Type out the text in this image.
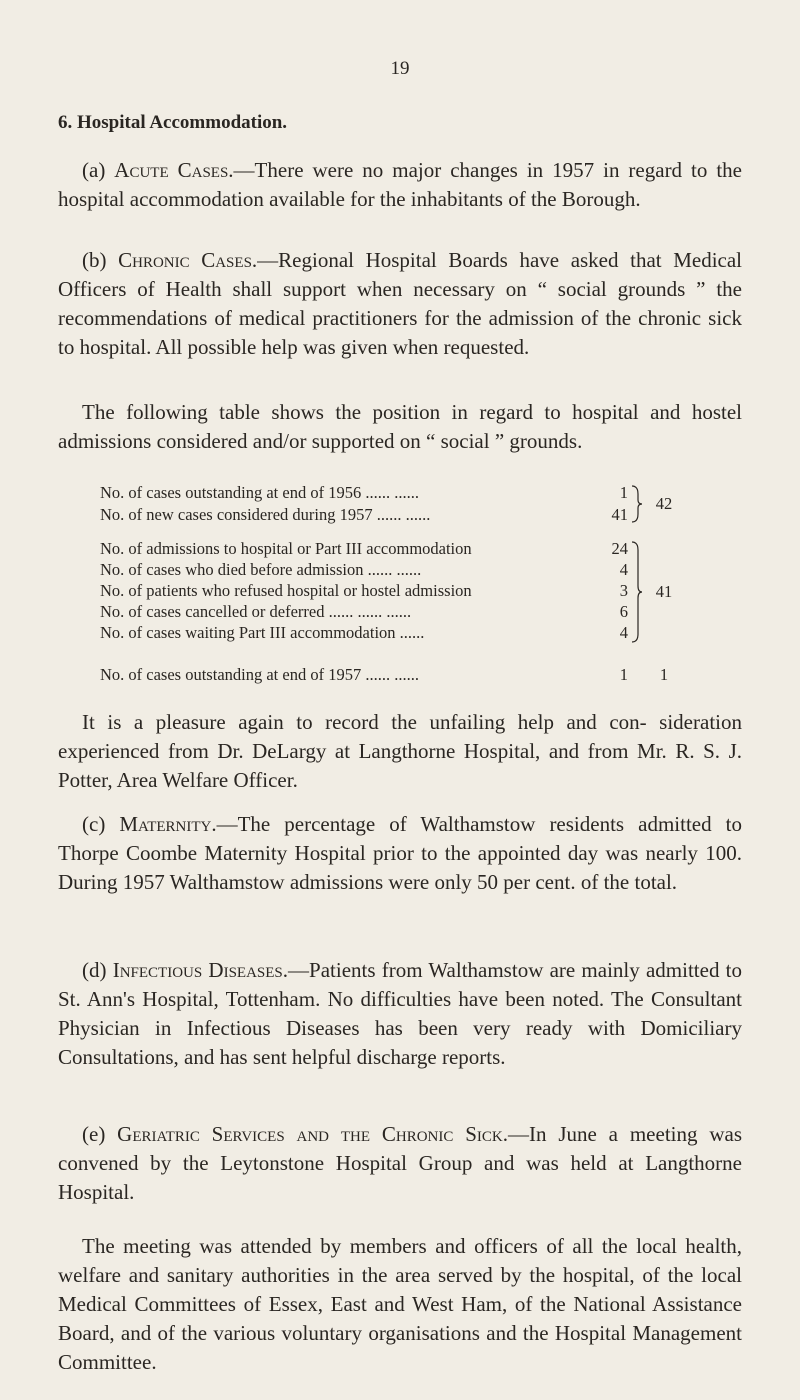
19
6. Hospital Accommodation.

(a) Acute Cases.—There were no major changes in 1957 in regard to the hospital accommodation available for the inhabitants of the Borough.

(b) Chronic Cases.—Regional Hospital Boards have asked that Medical Officers of Health shall support when necessary on “ social grounds ” the recommendations of medical practitioners for the admission of the chronic sick to hospital. All possible help was given when requested.

The following table shows the position in regard to hospital and hostel admissions considered and/or supported on “ social ” grounds.

No. of cases outstanding at end of 1956 ...... ......	1
No. of new cases considered during 1957 ...... ......	41
42
No. of admissions to hospital or Part III accommodation	24
No. of cases who died before admission ...... ......	4
No. of patients who refused hospital or hostel admission	3
No. of cases cancelled or deferred ...... ...... ......	6
No. of cases waiting Part III accommodation ......	4
41
No. of cases outstanding at end of 1957 ...... ......	1	1

It is a pleasure again to record the unfailing help and con- sideration experienced from Dr. DeLargy at Langthorne Hospital, and from Mr. R. S. J. Potter, Area Welfare Officer.

(c) Maternity.—The percentage of Walthamstow residents admitted to Thorpe Coombe Maternity Hospital prior to the appointed day was nearly 100. During 1957 Walthamstow admissions were only 50 per cent. of the total.

(d) Infectious Diseases.—Patients from Walthamstow are mainly admitted to St. Ann's Hospital, Tottenham. No difficulties have been noted. The Consultant Physician in Infectious Diseases has been very ready with Domiciliary Consultations, and has sent helpful discharge reports.

(e) Geriatric Services and the Chronic Sick.—In June a meeting was convened by the Leytonstone Hospital Group and was held at Langthorne Hospital.

The meeting was attended by members and officers of all the local health, welfare and sanitary authorities in the area served by the hospital, of the local Medical Committees of Essex, East and West Ham, of the National Assistance Board, and of the various voluntary organisations and the Hospital Management Committee.
